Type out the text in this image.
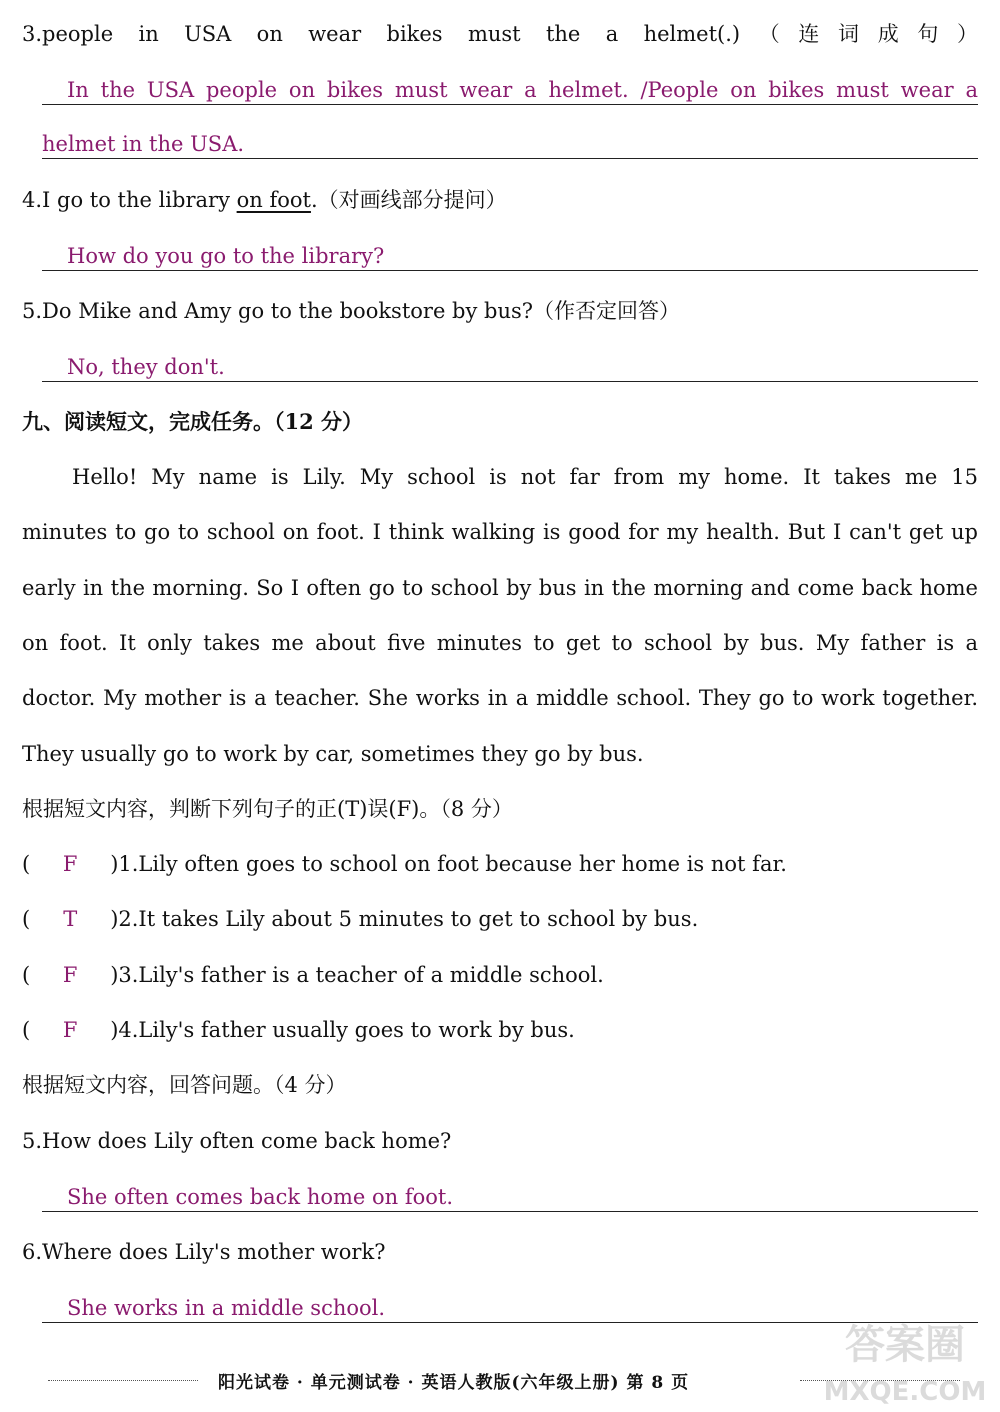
3.people in USA on wear bikes must the a helmet(.)（连词成句）
In the USA people on bikes must wear a helmet. /People on bikes must wear a
helmet in the USA.
4.I go to the library on foot.（对画线部分提问）
How do you go to the library?
5.Do Mike and Amy go to the bookstore by bus?（作否定回答）
No, they don't.
九、阅读短文，完成任务。（12 分）
Hello! My name is Lily. My school is not far from my home. It takes me 15
minutes to go to school on foot. I think walking is good for my health. But I can't get up
early in the morning. So I often go to school by bus in the morning and come back home
on foot. It only takes me about five minutes to get to school by bus. My father is a
doctor. My mother is a teacher. She works in a middle school. They go to work together.
They usually go to work by car, sometimes they go by bus.
根据短文内容，判断下列句子的正(T)误(F)。（8 分）
( F )1.Lily often goes to school on foot because her home is not far.
( T )2.It takes Lily about 5 minutes to get to school by bus.
( F )3.Lily's father is a teacher of a middle school.
( F )4.Lily's father usually goes to work by bus.
根据短文内容，回答问题。（4 分）
5.How does Lily often come back home?
She often comes back home on foot.
6.Where does Lily's mother work?
She works in a middle school.
阳光试卷 · 单元测试卷 · 英语人教版(六年级上册) 第 8 页
答案圈
MXQE.COM
